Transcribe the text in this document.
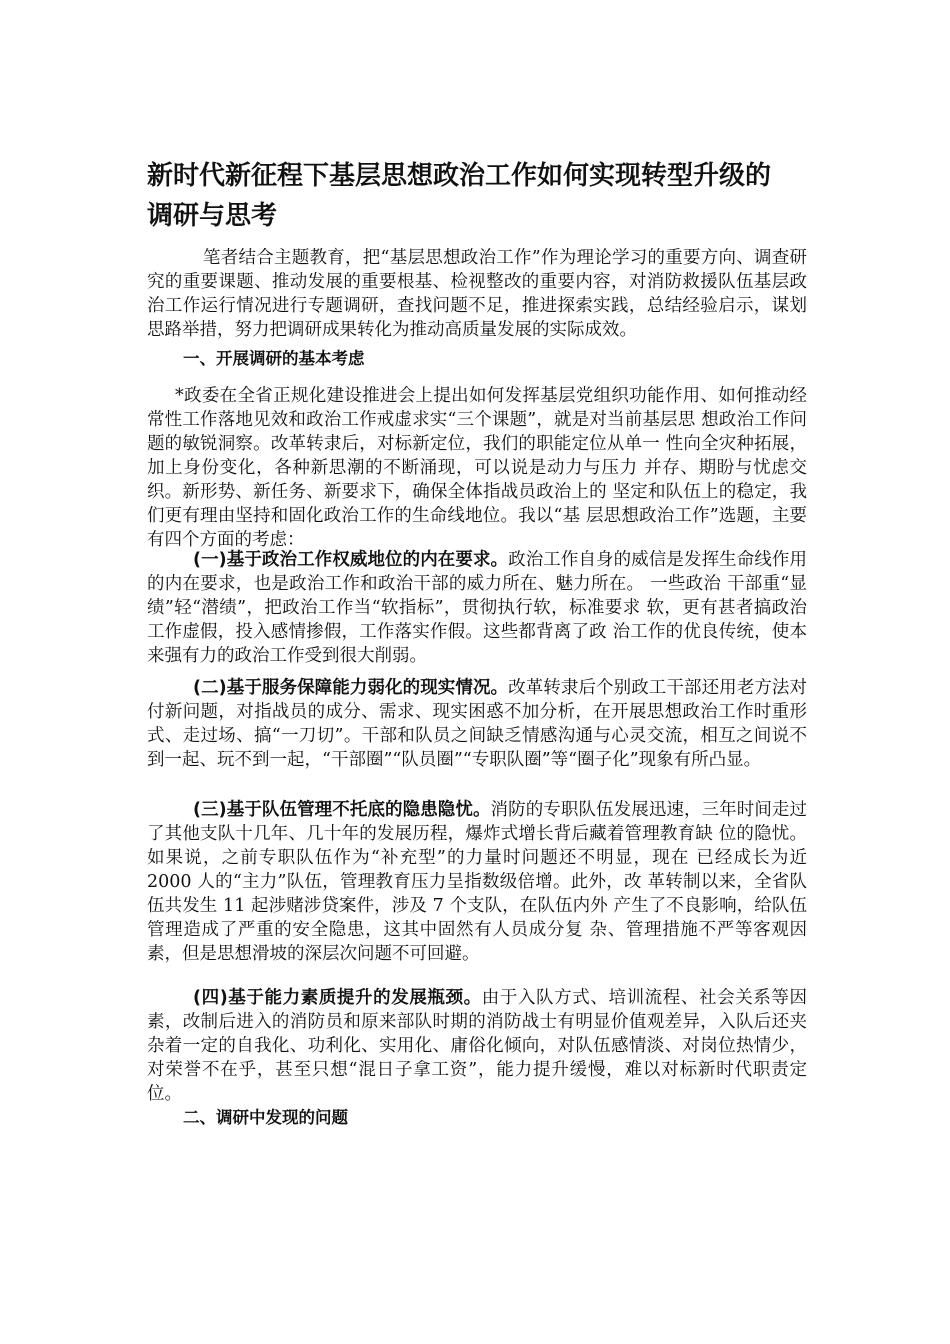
新时代新征程下基层思想政治工作如何实现转型升级的调研与思考

笔者结合主题教育，把“基层思想政治工作”作为理论学习的重要方向、调查研究的重要课题、推动发展的重要根基、检视整改的重要内容，对消防救援队伍基层政治工作运行情况进行专题调研，查找问题不足，推进探索实践，总结经验启示，谋划思路举措，努力把调研成果转化为推动高质量发展的实际成效。

一、开展调研的基本考虑

*政委在全省正规化建设推进会上提出如何发挥基层党组织功能作用、如何推动经常性工作落地见效和政治工作戒虚求实“三个课题”，就是对当前基层思 想政治工作问题的敏锐洞察。改革转隶后，对标新定位，我们的职能定位从单一 性向全灾种拓展，加上身份变化，各种新思潮的不断涌现，可以说是动力与压力 并存、期盼与忧虑交织。新形势、新任务、新要求下，确保全体指战员政治上的 坚定和队伍上的稳定，我们更有理由坚持和固化政治工作的生命线地位。我以“基 层思想政治工作”选题，主要有四个方面的考虑：

(一)基于政治工作权威地位的内在要求。政治工作自身的威信是发挥生命线作用的内在要求，也是政治工作和政治干部的威力所在、魅力所在。 一些政治 干部重“显绩”轻“潜绩”，把政治工作当“软指标”，贯彻执行软，标准要求 软，更有甚者搞政治工作虚假，投入感情掺假，工作落实作假。这些都背离了政 治工作的优良传统，使本来强有力的政治工作受到很大削弱。

(二)基于服务保障能力弱化的现实情况。改革转隶后个别政工干部还用老方法对付新问题，对指战员的成分、需求、现实困惑不加分析，在开展思想政治工作时重形式、走过场、搞“一刀切”。干部和队员之间缺乏情感沟通与心灵交流，相互之间说不到一起、玩不到一起，“干部圈”“队员圈”“专职队圈”等“圈子化”现象有所凸显。

(三)基于队伍管理不托底的隐患隐忧。消防的专职队伍发展迅速，三年时间走过了其他支队十几年、几十年的发展历程，爆炸式增长背后藏着管理教育缺 位的隐忧。如果说，之前专职队伍作为“补充型”的力量时问题还不明显，现在 已经成长为近 2000 人的“主力”队伍，管理教育压力呈指数级倍增。此外，改 革转制以来，全省队伍共发生 11 起涉赌涉贷案件，涉及 7 个支队，在队伍内外 产生了不良影响，给队伍管理造成了严重的安全隐患，这其中固然有人员成分复 杂、管理措施不严等客观因素，但是思想滑坡的深层次问题不可回避。

(四)基于能力素质提升的发展瓶颈。由于入队方式、培训流程、社会关系等因素，改制后进入的消防员和原来部队时期的消防战士有明显价值观差异，入队后还夹杂着一定的自我化、功利化、实用化、庸俗化倾向，对队伍感情淡、对岗位热情少，对荣誉不在乎，甚至只想“混日子拿工资”，能力提升缓慢，难以对标新时代职责定位。

二、调研中发现的问题
